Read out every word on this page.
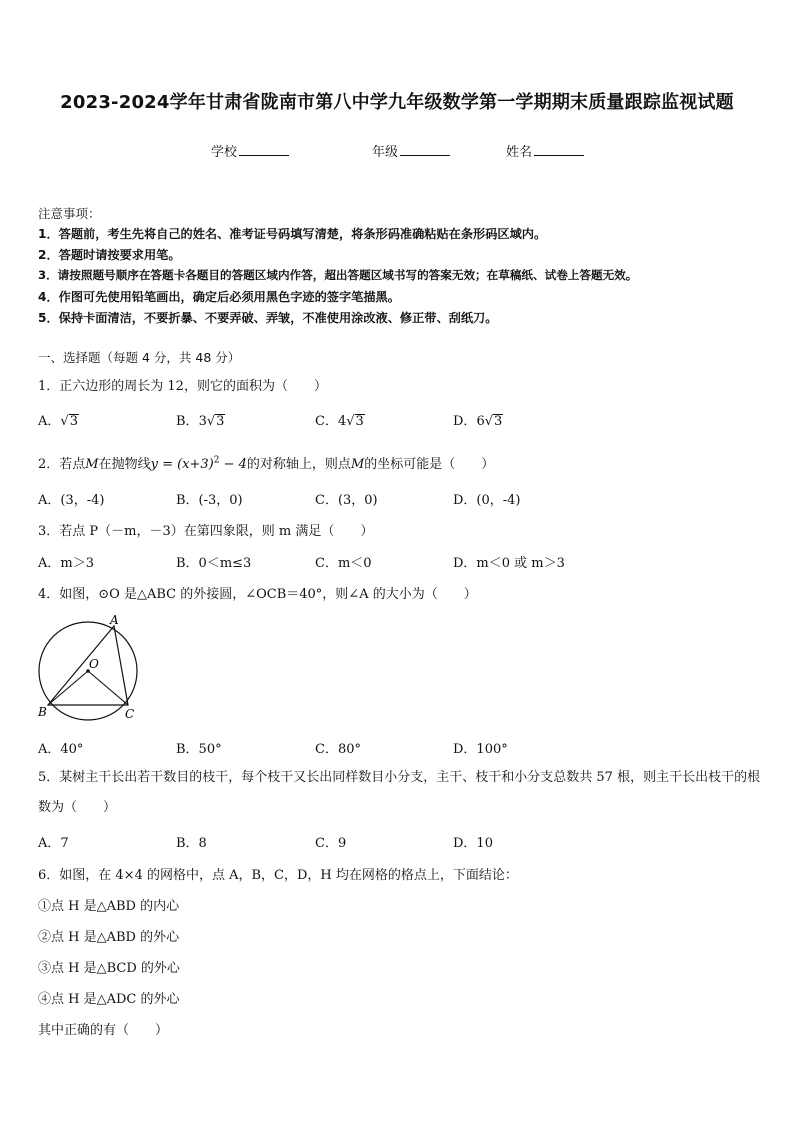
2023-2024学年甘肃省陇南市第八中学九年级数学第一学期期末质量跟踪监视试题
学校	年级	姓名
注意事项：
1．答题前，考生先将自己的姓名、准考证号码填写清楚，将条形码准确粘贴在条形码区域内。
2．答题时请按要求用笔。
3．请按照题号顺序在答题卡各题目的答题区域内作答，超出答题区域书写的答案无效；在草稿纸、试卷上答题无效。
4．作图可先使用铅笔画出，确定后必须用黑色字迹的签字笔描黑。
5．保持卡面清洁，不要折暴、不要弄破、弄皱，不准使用涂改液、修正带、刮纸刀。
一、选择题（每题 4 分，共 48 分）
1．正六边形的周长为 12，则它的面积为（　　）
A．√3	B．3√3	C．4√3	D．6√3
2．若点M在抛物线$y = (x+3)^2 - 4$的对称轴上，则点M的坐标可能是（　　）
A．(3，-4)	B．(-3，0)	C．(3，0)	D．(0，-4)
3．若点 P（－m，－3）在第四象限，则 m 满足（　　）
A．m＞3	B．0＜m≤3	C．m＜0	D．m＜0 或 m＞3
4．如图，⊙O 是△ABC 的外接圆，∠OCB＝40°，则∠A 的大小为（　　）
A
B	C
O
A．40°	B．50°	C．80°	D．100°
5．某树主干长出若干数目的枝干，每个枝干又长出同样数目小分支，主干、枝干和小分支总数共 57 根，则主干长出枝干的根数为（　　）
A．7	B．8	C．9	D．10
6．如图，在 4×4 的网格中，点 A，B，C，D，H 均在网格的格点上，下面结论：
①点 H 是△ABD 的内心
②点 H 是△ABD 的外心
③点 H 是△BCD 的外心
④点 H 是△ADC 的外心
其中正确的有（　　）
